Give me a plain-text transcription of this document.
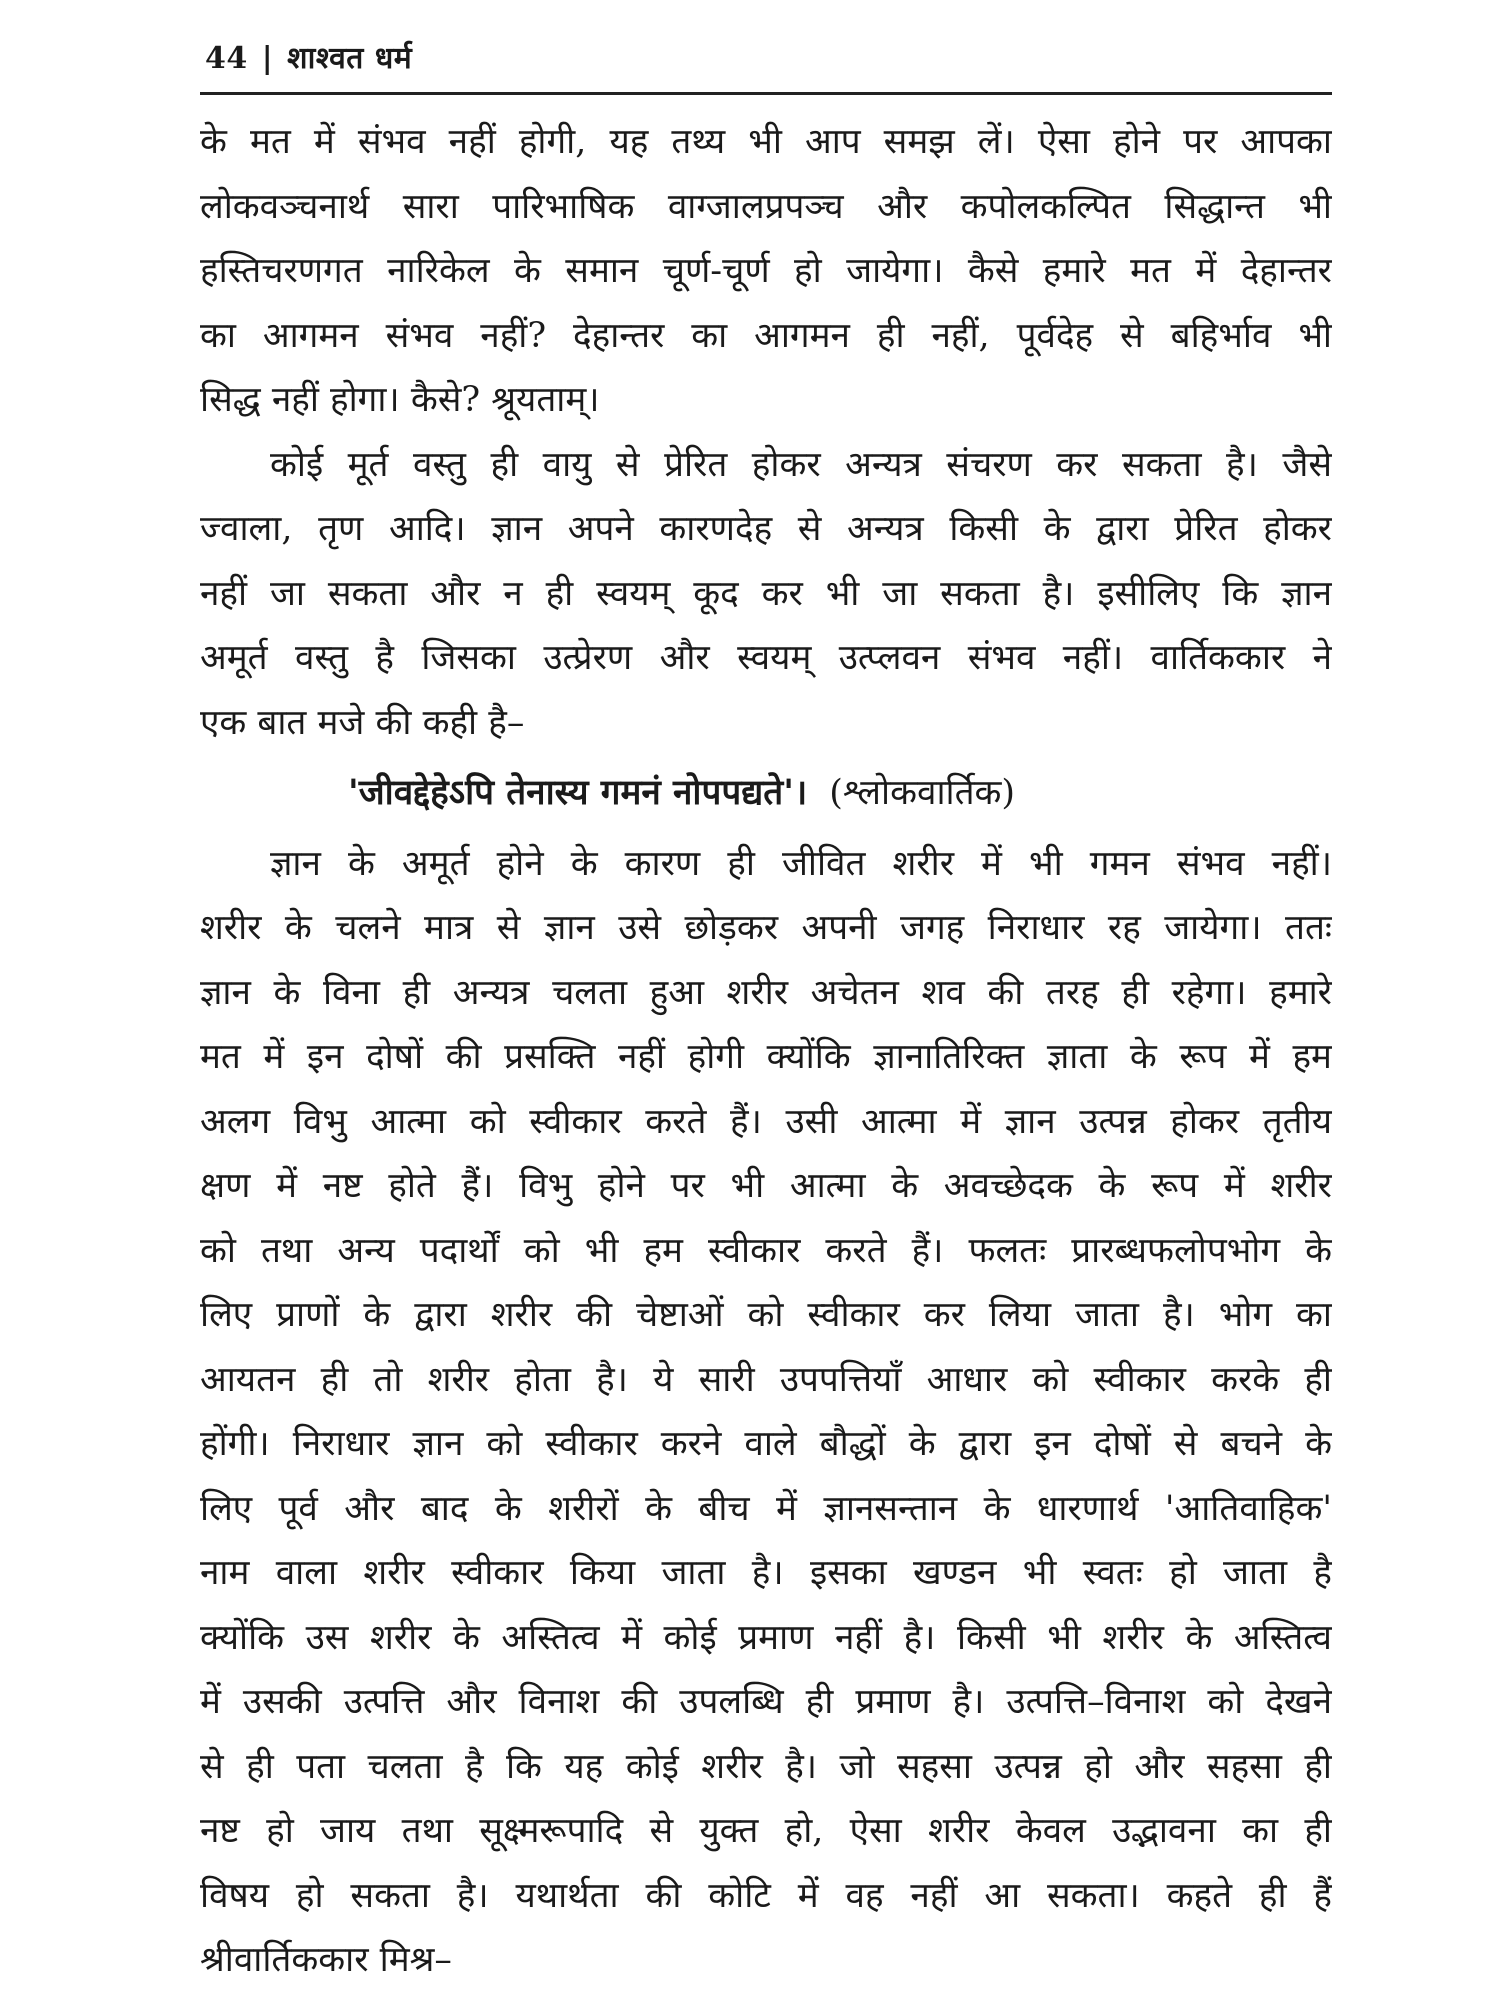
44 | शाश्वत धर्म
के मत में संभव नहीं होगी, यह तथ्य भी आप समझ लें। ऐसा होने पर आपका
लोकवञ्चनार्थ सारा पारिभाषिक वाग्जालप्रपञ्च और कपोलकल्पित सिद्धान्त भी
हस्तिचरणगत नारिकेल के समान चूर्ण-चूर्ण हो जायेगा। कैसे हमारे मत में देहान्तर
का आगमन संभव नहीं? देहान्तर का आगमन ही नहीं, पूर्वदेह से बहिर्भाव भी
सिद्ध नहीं होगा। कैसे? श्रूयताम्।
कोई मूर्त वस्तु ही वायु से प्रेरित होकर अन्यत्र संचरण कर सकता है। जैसे
ज्वाला, तृण आदि। ज्ञान अपने कारणदेह से अन्यत्र किसी के द्वारा प्रेरित होकर
नहीं जा सकता और न ही स्वयम् कूद कर भी जा सकता है। इसीलिए कि ज्ञान
अमूर्त वस्तु है जिसका उत्प्रेरण और स्वयम् उत्प्लवन संभव नहीं। वार्तिककार ने
एक बात मजे की कही है–
'जीवद्देहेऽपि तेनास्य गमनं नोपपद्यते'। (श्लोकवार्तिक)
ज्ञान के अमूर्त होने के कारण ही जीवित शरीर में भी गमन संभव नहीं।
शरीर के चलने मात्र से ज्ञान उसे छोड़कर अपनी जगह निराधार रह जायेगा। ततः
ज्ञान के विना ही अन्यत्र चलता हुआ शरीर अचेतन शव की तरह ही रहेगा। हमारे
मत में इन दोषों की प्रसक्ति नहीं होगी क्योंकि ज्ञानातिरिक्त ज्ञाता के रूप में हम
अलग विभु आत्मा को स्वीकार करते हैं। उसी आत्मा में ज्ञान उत्पन्न होकर तृतीय
क्षण में नष्ट होते हैं। विभु होने पर भी आत्मा के अवच्छेदक के रूप में शरीर
को तथा अन्य पदार्थों को भी हम स्वीकार करते हैं। फलतः प्रारब्धफलोपभोग के
लिए प्राणों के द्वारा शरीर की चेष्टाओं को स्वीकार कर लिया जाता है। भोग का
आयतन ही तो शरीर होता है। ये सारी उपपत्तियाँ आधार को स्वीकार करके ही
होंगी। निराधार ज्ञान को स्वीकार करने वाले बौद्धों के द्वारा इन दोषों से बचने के
लिए पूर्व और बाद के शरीरों के बीच में ज्ञानसन्तान के धारणार्थ 'आतिवाहिक'
नाम वाला शरीर स्वीकार किया जाता है। इसका खण्डन भी स्वतः हो जाता है
क्योंकि उस शरीर के अस्तित्व में कोई प्रमाण नहीं है। किसी भी शरीर के अस्तित्व
में उसकी उत्पत्ति और विनाश की उपलब्धि ही प्रमाण है। उत्पत्ति–विनाश को देखने
से ही पता चलता है कि यह कोई शरीर है। जो सहसा उत्पन्न हो और सहसा ही
नष्ट हो जाय तथा सूक्ष्मरूपादि से युक्त हो, ऐसा शरीर केवल उद्भावना का ही
विषय हो सकता है। यथार्थता की कोटि में वह नहीं आ सकता। कहते ही हैं
श्रीवार्तिककार मिश्र–
